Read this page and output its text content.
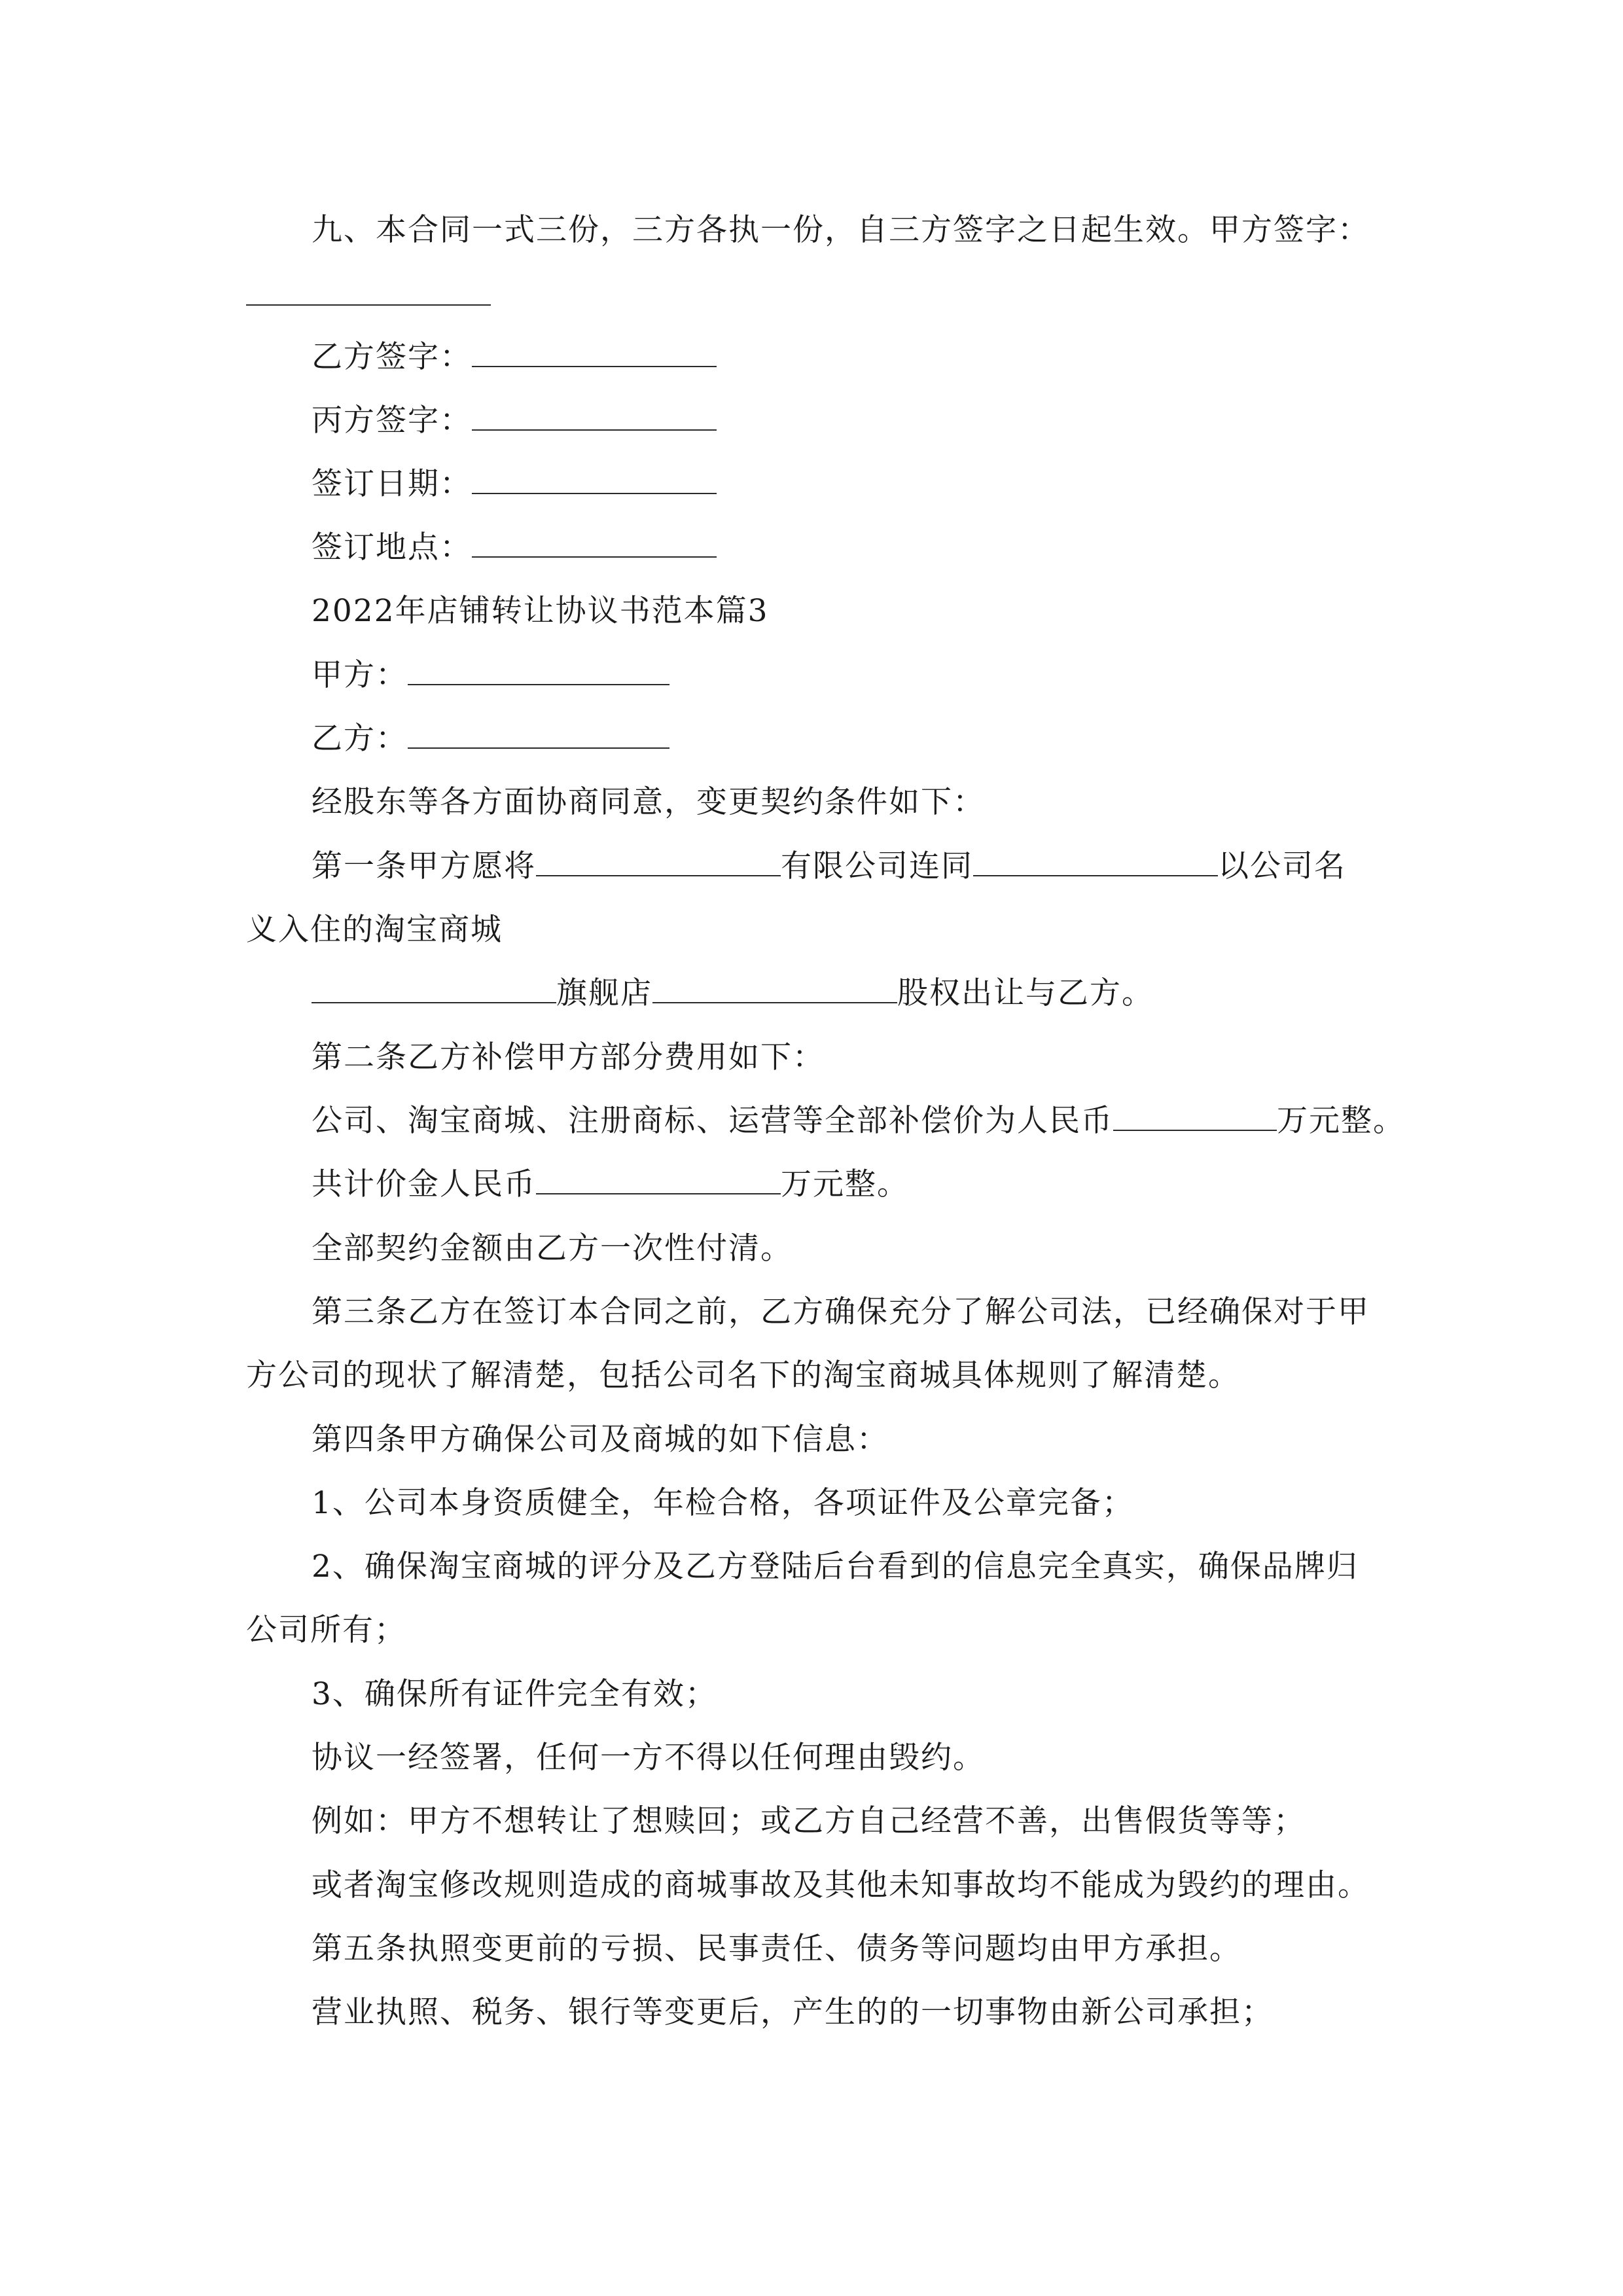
九、本合同一式三份，三方各执一份，自三方签字之日起生效。甲方签字：
乙方签字：
丙方签字：
签订日期：
签订地点：
2022年店铺转让协议书范本篇3
甲方：
乙方：
经股东等各方面协商同意，变更契约条件如下：
第一条甲方愿将	有限公司连同	以公司名
义入住的淘宝商城
旗舰店	股权出让与乙方。
第二条乙方补偿甲方部分费用如下：
公司、淘宝商城、注册商标、运营等全部补偿价为人民币	万元整。
共计价金人民币	万元整。
全部契约金额由乙方一次性付清。
第三条乙方在签订本合同之前，乙方确保充分了解公司法，已经确保对于甲
方公司的现状了解清楚，包括公司名下的淘宝商城具体规则了解清楚。
第四条甲方确保公司及商城的如下信息：
1、公司本身资质健全，年检合格，各项证件及公章完备；
2、确保淘宝商城的评分及乙方登陆后台看到的信息完全真实，确保品牌归
公司所有；
3、确保所有证件完全有效；
协议一经签署，任何一方不得以任何理由毁约。
例如：甲方不想转让了想赎回；或乙方自己经营不善，出售假货等等；
或者淘宝修改规则造成的商城事故及其他未知事故均不能成为毁约的理由。
第五条执照变更前的亏损、民事责任、债务等问题均由甲方承担。
营业执照、税务、银行等变更后，产生的的一切事物由新公司承担；
